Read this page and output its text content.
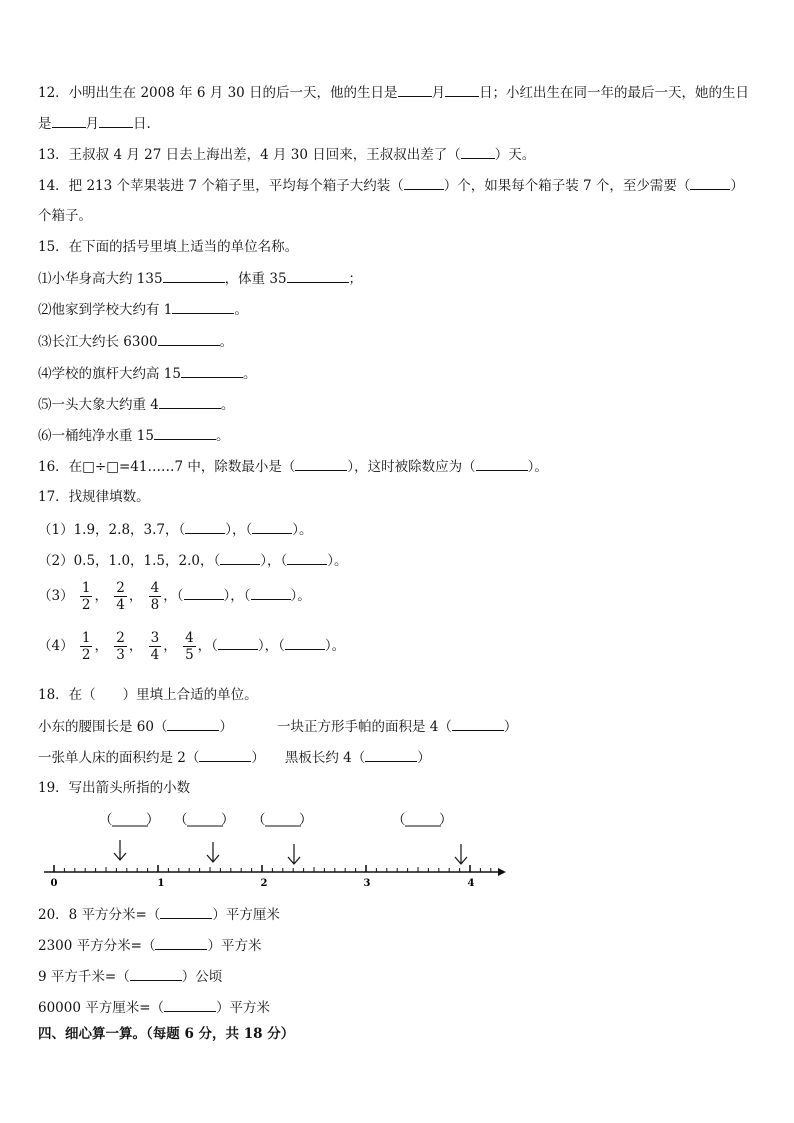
12．小明出生在 2008 年 6 月 30 日的后一天，他的生日是	月	日；小红出生在同一年的最后一天，她的生日
是	月	日.
13．王叔叔 4 月 27 日去上海出差，4 月 30 日回来，王叔叔出差了（	）天。
14．把 213 个苹果装进 7 个箱子里，平均每个箱子大约装（	）个，如果每个箱子装 7 个，至少需要（	）
个箱子。
15．在下面的括号里填上适当的单位名称。
⑴小华身高大约 135	，体重 35	；
⑵他家到学校大约有 1	。
⑶长江大约长 6300	。
⑷学校的旗杆大约高 15	。
⑸一头大象大约重 4	。
⑹一桶纯净水重 15	。
16．在□÷□=41……7 中，除数最小是（	），这时被除数应为（	）。
17．找规律填数。
（1）1.9，2.8，3.7，（	），（	）。
（2）0.5，1.0，1.5，2.0，（	），（	）。
$(3) \frac{1}{2}$ ， $\frac{2}{4}$ ， $\frac{4}{8}$ ，（	），（	）。
$(4) \frac{1}{2}$ ， $\frac{2}{3}$ ， $\frac{3}{4}$ ， $\frac{4}{5}$ ，（	），（	）。
18．在（　　）里填上合适的单位。
小东的腰围长是 60（	）	一块正方形手帕的面积是 4（	）
一张单人床的面积约是 2（	） 黑板长约 4（	）
19．写出箭头所指的小数
（ ） （ ） （ ）	（ ）
0	1	2	3	4
20．8 平方分米=（	）平方厘米
2300 平方分米=（	）平方米
9 平方千米=（	）公顷
60000 平方厘米=（	）平方米
四、细心算一算。（每题 6 分，共 18 分）
